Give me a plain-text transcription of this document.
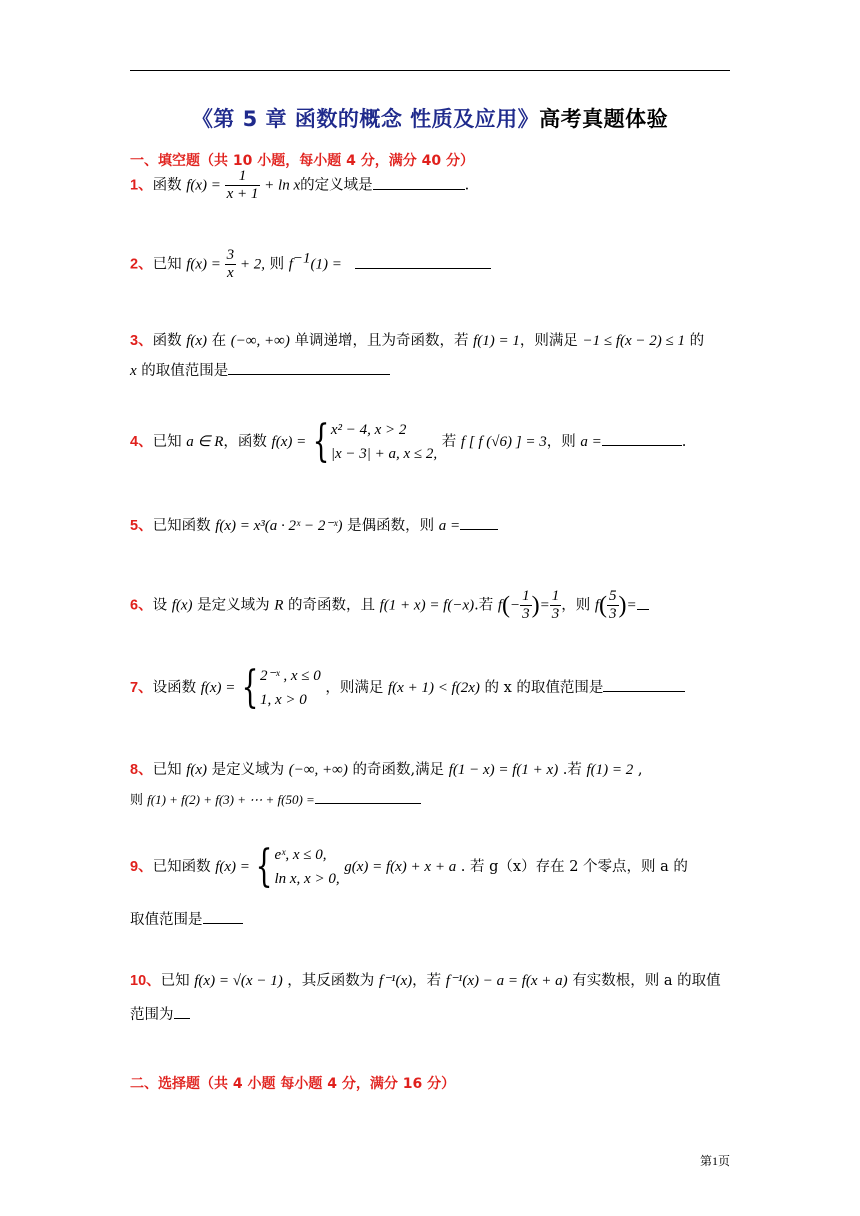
《第 5 章 函数的概念 性质及应用》高考真题体验
一、填空题（共 10 小题，每小题 4 分，满分 40 分）
1、函数 $f(x) = \frac{1}{x + 1} + \ln x$的定义域是	.
2、已知 $f(x) = \frac{3}{x} + 2$, 则 $f^{-1}(1)$ =
3、函数 f(x) 在 (−∞, +∞) 单调递增，且为奇函数，若 f(1) = 1，则满足 −1 ≤ f(x − 2) ≤ 1 的
x 的取值范围是
4、已知 a ∈ R，函数 f(x) = { x² − 4, x > 2
|x − 3| + a, x ≤ 2,
若 f [ f (√6) ] = 3，则 a =	.
5、已知函数 f(x) = x³(a · 2ˣ − 2⁻ˣ) 是偶函数，则 a =
6、设 f(x) 是定义域为 R 的奇函数，且 f(1 + x) = f(−x).若 $f(- \frac{1}{3}$ )= $\frac{1}{3}$ ，则 $f( \frac{5}{3}$ )=
7、设函数 f(x) = { 2⁻ˣ , x ≤ 0
1, x > 0
，则满足 f(x + 1) < f(2x) 的 x 的取值范围是
8、已知 f(x) 是定义域为 (−∞, +∞) 的奇函数,满足 f(1 − x) = f(1 + x) .若 f(1) = 2 ,
则 f(1) + f(2) + f(3) + ⋯ + f(50) =
9、已知函数 f(x) = { eˣ, x ≤ 0,
ln x, x > 0,
g(x) = f(x) + x + a . 若 g（x）存在 2 个零点，则 a 的
取值范围是
10、已知 f(x) = √(x − 1) ，其反函数为 f⁻¹(x)，若 f⁻¹(x) − a = f(x + a) 有实数根，则 a 的取值
范围为
二、选择题（共 4 小题 每小题 4 分，满分 16 分）
第1页
